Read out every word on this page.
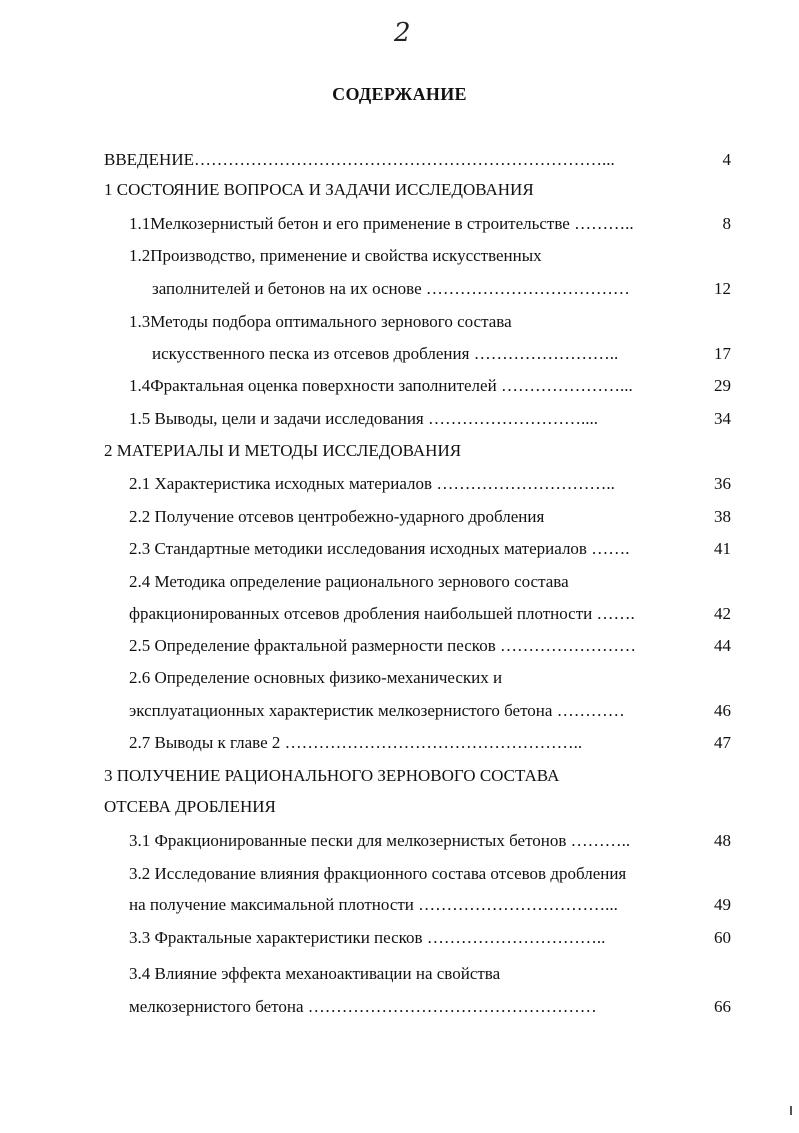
2
СОДЕРЖАНИЕ
ВВЕДЕНИЕ………………………………………………………………...	4
1 СОСТОЯНИЕ ВОПРОСА И ЗАДАЧИ ИССЛЕДОВАНИЯ
1.1Мелкозернистый бетон и его применение в строительстве ………..	8
1.2Производство, применение и свойства искусственных
заполнителей и бетонов на их основе ………………………………	12
1.3Методы подбора оптимального зернового состава
искусственного песка из отсевов дробления ……………………..	17
1.4Фрактальная оценка поверхности заполнителей …………………...	29
1.5 Выводы, цели и задачи исследования ………………………....	34
2 МАТЕРИАЛЫ И МЕТОДЫ ИССЛЕДОВАНИЯ
2.1 Характеристика исходных материалов …………………………..	36
2.2 Получение отсевов центробежно-ударного дробления	38
2.3 Стандартные методики исследования исходных материалов …….	41
2.4 Методика определение рационального зернового состава
фракционированных отсевов дробления наибольшей плотности …….	42
2.5 Определение фрактальной размерности песков ……………………	44
2.6 Определение основных физико-механических и
эксплуатационных характеристик мелкозернистого бетона …………	46
2.7 Выводы к главе 2 ……………………………………………..	47
3 ПОЛУЧЕНИЕ РАЦИОНАЛЬНОГО ЗЕРНОВОГО СОСТАВА
ОТСЕВА ДРОБЛЕНИЯ
3.1 Фракционированные пески для мелкозернистых бетонов ………..	48
3.2 Исследование влияния фракционного состава отсевов дробления
на получение максимальной плотности ……………………………...	49
3.3 Фрактальные характеристики песков …………………………..	60
3.4 Влияние эффекта механоактивации на свойства
мелкозернистого бетона ……………………………………………	66
